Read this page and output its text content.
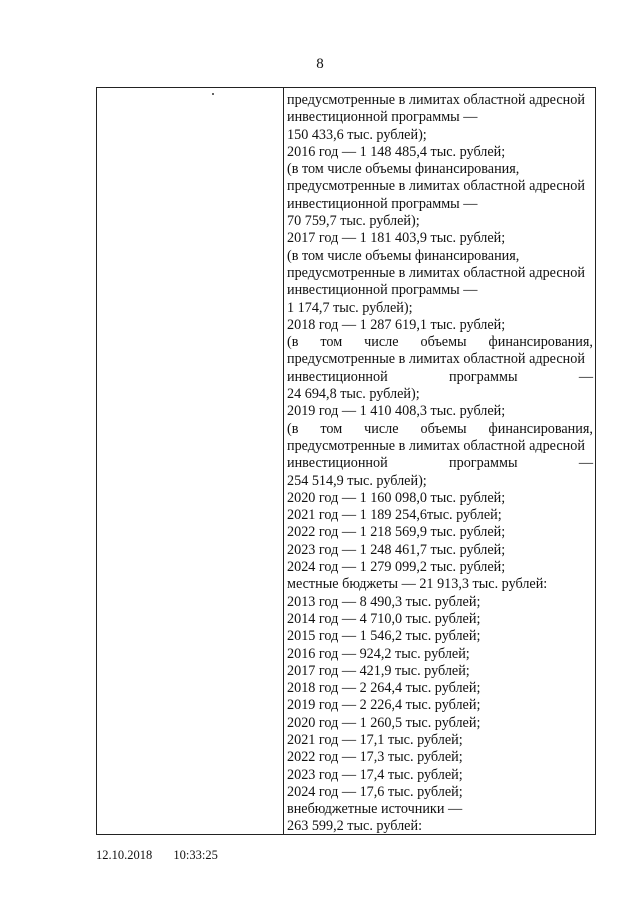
8
предусмотренные в лимитах областной адресной
инвестиционной программы —
150 433,6 тыс. рублей);
2016 год — 1 148 485,4 тыс. рублей;
(в том числе объемы финансирования,
предусмотренные в лимитах областной адресной
инвестиционной программы —
70 759,7 тыс. рублей);
2017 год — 1 181 403,9 тыс. рублей;
(в том числе объемы финансирования,
предусмотренные в лимитах областной адресной
инвестиционной программы —
1 174,7 тыс. рублей);
2018 год — 1 287 619,1 тыс. рублей;
(в том числе объемы финансирования,
предусмотренные в лимитах областной адресной
инвестиционной	программы	—
24 694,8 тыс. рублей);
2019 год — 1 410 408,3 тыс. рублей;
(в том числе объемы финансирования,
предусмотренные в лимитах областной адресной
инвестиционной	программы	—
254 514,9 тыс. рублей);
2020 год — 1 160 098,0 тыс. рублей;
2021 год — 1 189 254,6тыс. рублей;
2022 год — 1 218 569,9 тыс. рублей;
2023 год — 1 248 461,7 тыс. рублей;
2024 год — 1 279 099,2 тыс. рублей;
местные бюджеты — 21 913,3 тыс. рублей:
2013 год — 8 490,3 тыс. рублей;
2014 год — 4 710,0 тыс. рублей;
2015 год — 1 546,2 тыс. рублей;
2016 год — 924,2 тыс. рублей;
2017 год — 421,9 тыс. рублей;
2018 год — 2 264,4 тыс. рублей;
2019 год — 2 226,4 тыс. рублей;
2020 год — 1 260,5 тыс. рублей;
2021 год — 17,1 тыс. рублей;
2022 год — 17,3 тыс. рублей;
2023 год — 17,4 тыс. рублей;
2024 год — 17,6 тыс. рублей;
внебюджетные источники —
263 599,2 тыс. рублей:
12.10.2018 10:33:25
